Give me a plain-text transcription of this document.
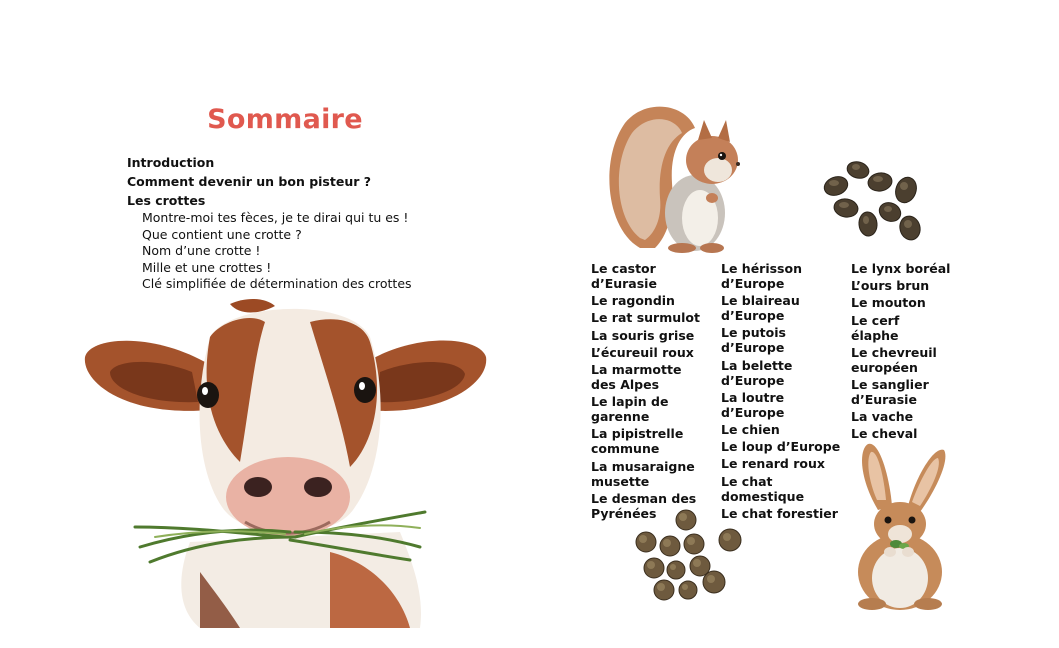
Sommaire
Introduction
Comment devenir un bon pisteur ?
Les crottes
Montre-moi tes fèces, je te dirai qui tu es !
Que contient une crotte ?
Nom d’une crotte !
Mille et une crottes !
Clé simplifiée de détermination des crottes
Le castor d’Eurasie
Le ragondin
Le rat surmulot
La souris grise
L’écureuil roux
La marmotte des Alpes
Le lapin de garenne
La pipistrelle commune
La musaraigne musette
Le desman des Pyrénées
Le hérisson d’Europe
Le blaireau d’Europe
Le putois d’Europe
La belette d’Europe
La loutre d’Europe
Le chien
Le loup d’Europe
Le renard roux
Le chat domestique
Le chat forestier
Le lynx boréal
L’ours brun
Le mouton
Le cerf élaphe
Le chevreuil européen
Le sanglier d’Eurasie
La vache
Le cheval
